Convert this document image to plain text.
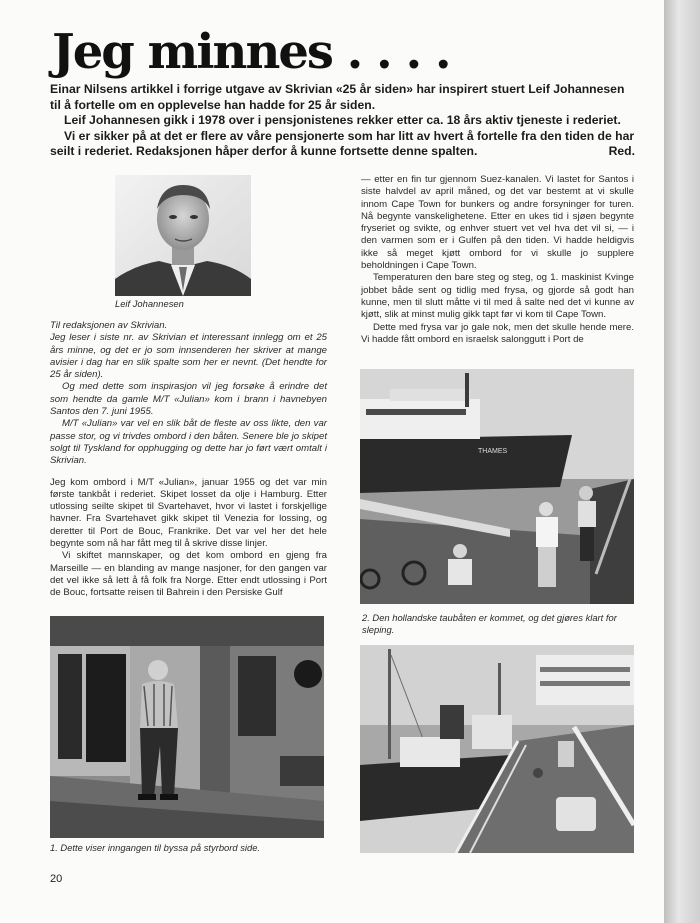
Jeg minnes . . . .

Einar Nilsens artikkel i forrige utgave av Skrivian «25 år siden» har inspirert stuert Leif Johannesen til å fortelle om en opplevelse han hadde for 25 år siden.

Leif Johannesen gikk i 1978 over i pensjonistenes rekker etter ca. 18 års aktiv tjeneste i rederiet.

Vi er sikker på at det er flere av våre pensjonerte som har litt av hvert å fortelle fra den tiden de har seilt i rederiet. Redaksjonen håper derfor å kunne fortsette denne spalten.	Red.

Leif Johannesen

Til redaksjonen av Skrivian.

Jeg leser i siste nr. av Skrivian et interessant innlegg om et 25 års minne, og det er jo som innsenderen her skriver at mange avisier i dag har en slik spalte som her er nevnt. (Det hendte for 25 år siden).

Og med dette som inspirasjon vil jeg forsøke å erindre det som hendte da gamle M/T «Julian» kom i brann i havnebyen Santos den 7. juni 1955.

M/T «Julian» var vel en slik båt de fleste av oss likte, den var passe stor, og vi trivdes ombord i den båten. Senere ble jo skipet solgt til Tyskland for opphugging og dette har jo ført vært omtalt i Skrivian.

Jeg kom ombord i M/T «Julian», januar 1955 og det var min første tankbåt i rederiet. Skipet losset da olje i Hamburg. Etter utlossing seilte skipet til Svartehavet, hvor vi lastet i forskjellige havner. Fra Svartehavet gikk skipet til Venezia for lossing, og deretter til Port de Bouc, Frankrike. Det var vel her det hele begynte som nå har fått meg til å skrive disse linjer.

Vi skiftet mannskaper, og det kom ombord en gjeng fra Marseille — en blanding av mange nasjoner, for den gangen var det vel ikke så lett å få folk fra Norge. Etter endt utlossing i Port de Bouc, fortsatte reisen til Bahrein i den Persiske Gulf

— etter en fin tur gjennom Suez-kanalen. Vi lastet for Santos i siste halvdel av april måned, og det var bestemt at vi skulle innom Cape Town for bunkers og andre forsyninger for turen. Nå begynte vanskelighetene. Etter en ukes tid i sjøen begynte fryseriet og svikte, og enhver stuert vet vel hva det vil si, — i den varmen som er i Gulfen på den tiden. Vi hadde heldigvis ikke så meget kjøtt ombord for vi skulle jo supplere beholdningen i Cape Town.

Temperaturen den bare steg og steg, og 1. maskinist Kvinge jobbet både sent og tidlig med frysa, og gjorde så godt han kunne, men til slutt måtte vi til med å salte ned det vi kunne av kjøtt, slik at minst mulig gikk tapt før vi kom til Cape Town.

Dette med frysa var jo gale nok, men det skulle hende mere. Vi hadde fått ombord en israelsk salonggutt i Port de

1. Dette viser inngangen til byssa på styrbord side.
THAMES
2. Den hollandske taubåten er kommet, og det gjøres klart for sleping.
20
